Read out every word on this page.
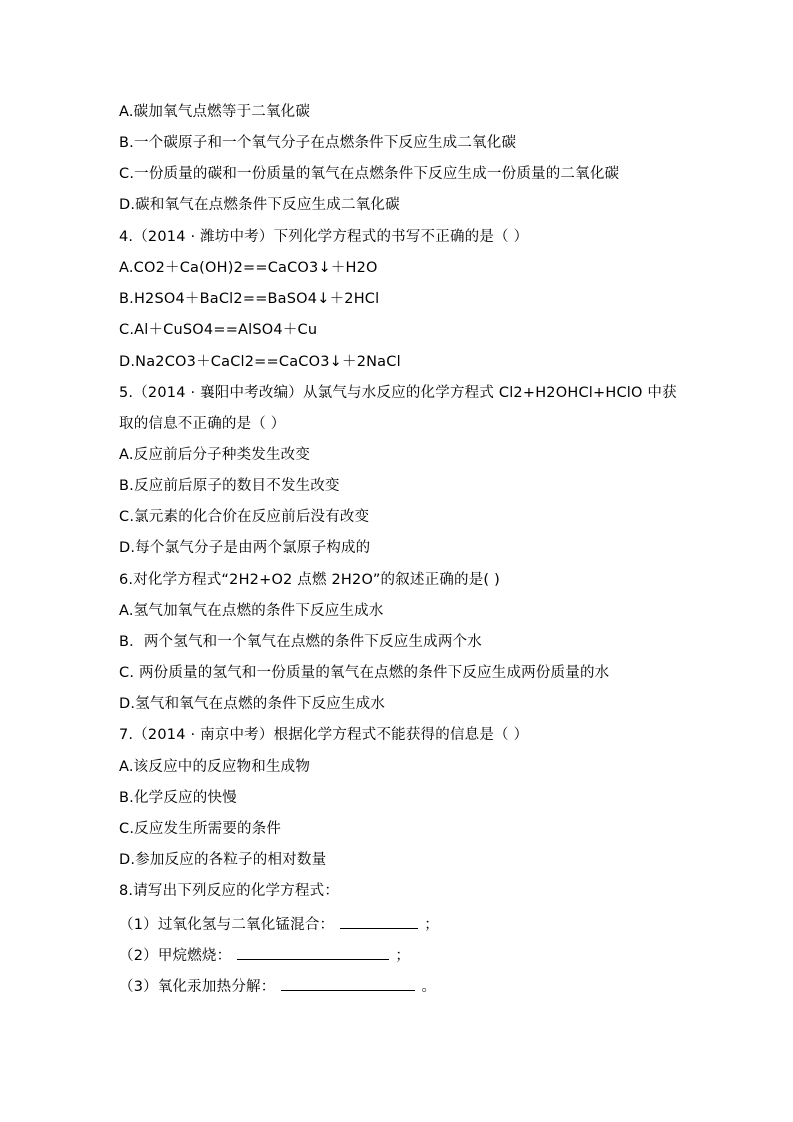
A.碳加氧气点燃等于二氧化碳
B.一个碳原子和一个氧气分子在点燃条件下反应生成二氧化碳
C.一份质量的碳和一份质量的氧气在点燃条件下反应生成一份质量的二氧化碳
D.碳和氧气在点燃条件下反应生成二氧化碳
4.（2014 · 潍坊中考）下列化学方程式的书写不正确的是（ ）
A.CO2＋Ca(OH)2==CaCO3↓＋H2O
B.H2SO4＋BaCl2==BaSO4↓＋2HCl
C.Al＋CuSO4==AlSO4＋Cu
D.Na2CO3＋CaCl2==CaCO3↓＋2NaCl
5.（2014 · 襄阳中考改编）从氯气与水反应的化学方程式 Cl2+H2OHCl+HClO 中获
取的信息不正确的是（ ）
A.反应前后分子种类发生改变
B.反应前后原子的数目不发生改变
C.氯元素的化合价在反应前后没有改变
D.每个氯气分子是由两个氯原子构成的
6.对化学方程式“2H2+O2 点燃 2H2O”的叙述正确的是( )
A.氢气加氧气在点燃的条件下反应生成水
B．两个氢气和一个氧气在点燃的条件下反应生成两个水
C. 两份质量的氢气和一份质量的氧气在点燃的条件下反应生成两份质量的水
D.氢气和氧气在点燃的条件下反应生成水
7.（2014 · 南京中考）根据化学方程式不能获得的信息是（ ）
A.该反应中的反应物和生成物
B.化学反应的快慢
C.反应发生所需要的条件
D.参加反应的各粒子的相对数量
8.请写出下列反应的化学方程式：
（1）过氧化氢与二氧化锰混合：	；
（2）甲烷燃烧：	；
（3）氧化汞加热分解：	。
